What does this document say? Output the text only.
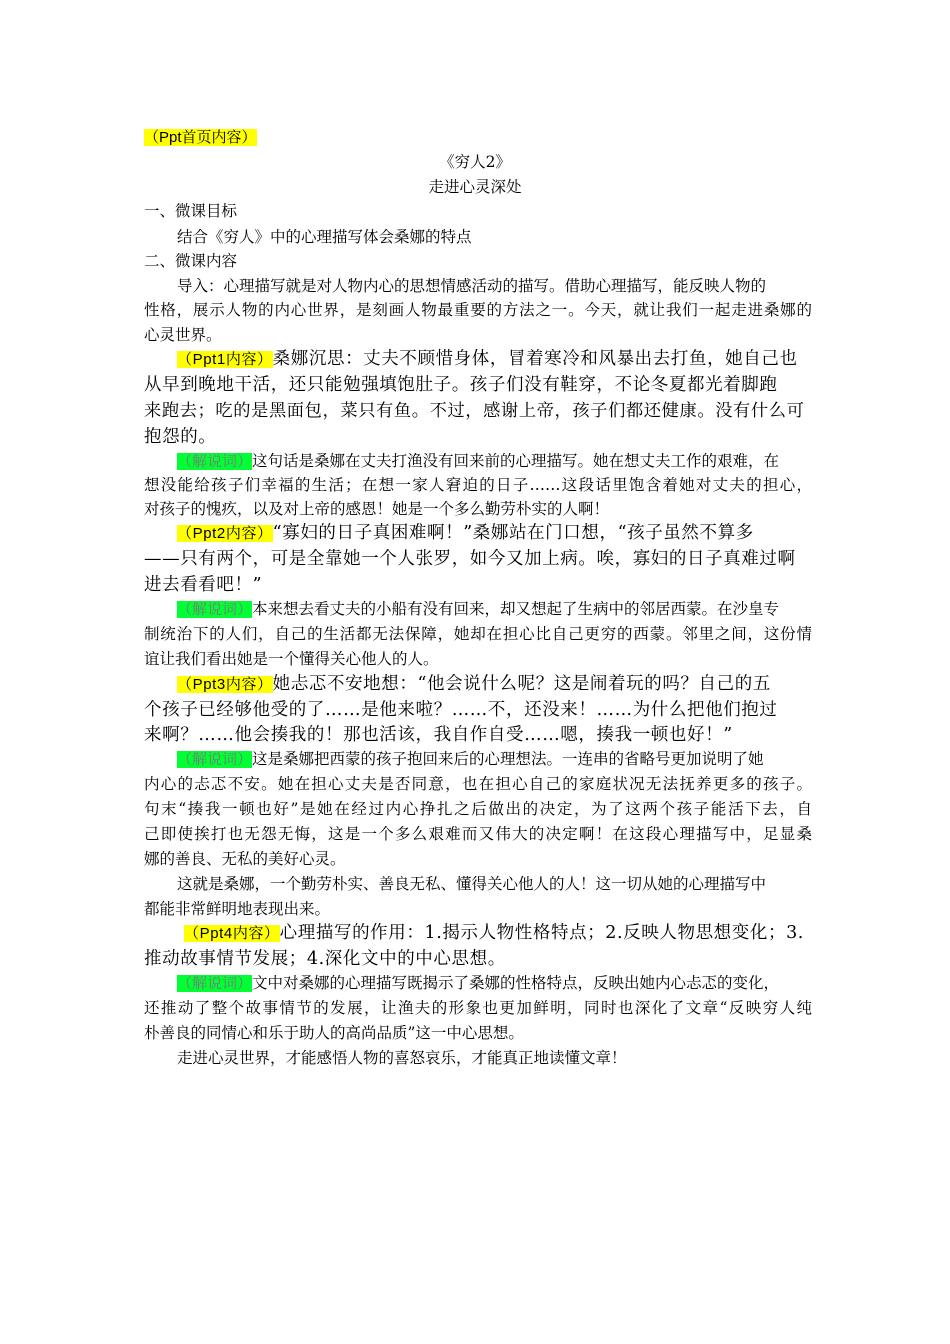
（Ppt首页内容）
《穷人2》
走进心灵深处
一、微课目标
结合《穷人》中的心理描写体会桑娜的特点
二、微课内容
导入：心理描写就是对人物内心的思想情感活动的描写。借助心理描写，能反映人物的
性格，展示人物的内心世界，是刻画人物最重要的方法之一。今天，就让我们一起走进桑娜的
心灵世界。
（Ppt1内容）桑娜沉思：丈夫不顾惜身体，冒着寒冷和风暴出去打鱼，她自己也
从早到晚地干活，还只能勉强填饱肚子。孩子们没有鞋穿，不论冬夏都光着脚跑
来跑去；吃的是黑面包，菜只有鱼。不过，感谢上帝，孩子们都还健康。没有什么可
抱怨的。
（解说词）这句话是桑娜在丈夫打渔没有回来前的心理描写。她在想丈夫工作的艰难，在
想没能给孩子们幸福的生活；在想一家人窘迫的日子……这段话里饱含着她对丈夫的担心，
对孩子的愧疚，以及对上帝的感恩！她是一个多么勤劳朴实的人啊！
（Ppt2内容）“寡妇的日子真困难啊！”桑娜站在门口想，“孩子虽然不算多
——只有两个，可是全靠她一个人张罗，如今又加上病。唉，寡妇的日子真难过啊
进去看看吧！”
（解说词）本来想去看丈夫的小船有没有回来，却又想起了生病中的邻居西蒙。在沙皇专
制统治下的人们，自己的生活都无法保障，她却在担心比自己更穷的西蒙。邻里之间，这份情
谊让我们看出她是一个懂得关心他人的人。
（Ppt3内容）她忐忑不安地想：“他会说什么呢？这是闹着玩的吗？自己的五
个孩子已经够他受的了……是他来啦？……不，还没来！……为什么把他们抱过
来啊？……他会揍我的！那也活该，我自作自受……嗯，揍我一顿也好！”
（解说词）这是桑娜把西蒙的孩子抱回来后的心理想法。一连串的省略号更加说明了她
内心的忐忑不安。她在担心丈夫是否同意，也在担心自己的家庭状况无法抚养更多的孩子。
句末“揍我一顿也好”是她在经过内心挣扎之后做出的决定，为了这两个孩子能活下去，自
己即使挨打也无怨无悔，这是一个多么艰难而又伟大的决定啊！在这段心理描写中，足显桑
娜的善良、无私的美好心灵。
这就是桑娜，一个勤劳朴实、善良无私、懂得关心他人的人！这一切从她的心理描写中
都能非常鲜明地表现出来。
（Ppt4内容）心理描写的作用：1.揭示人物性格特点；2.反映人物思想变化；3.
推动故事情节发展；4.深化文中的中心思想。
（解说词）文中对桑娜的心理描写既揭示了桑娜的性格特点，反映出她内心忐忑的变化，
还推动了整个故事情节的发展，让渔夫的形象也更加鲜明，同时也深化了文章“反映穷人纯
朴善良的同情心和乐于助人的高尚品质”这一中心思想。
走进心灵世界，才能感悟人物的喜怒哀乐，才能真正地读懂文章！
